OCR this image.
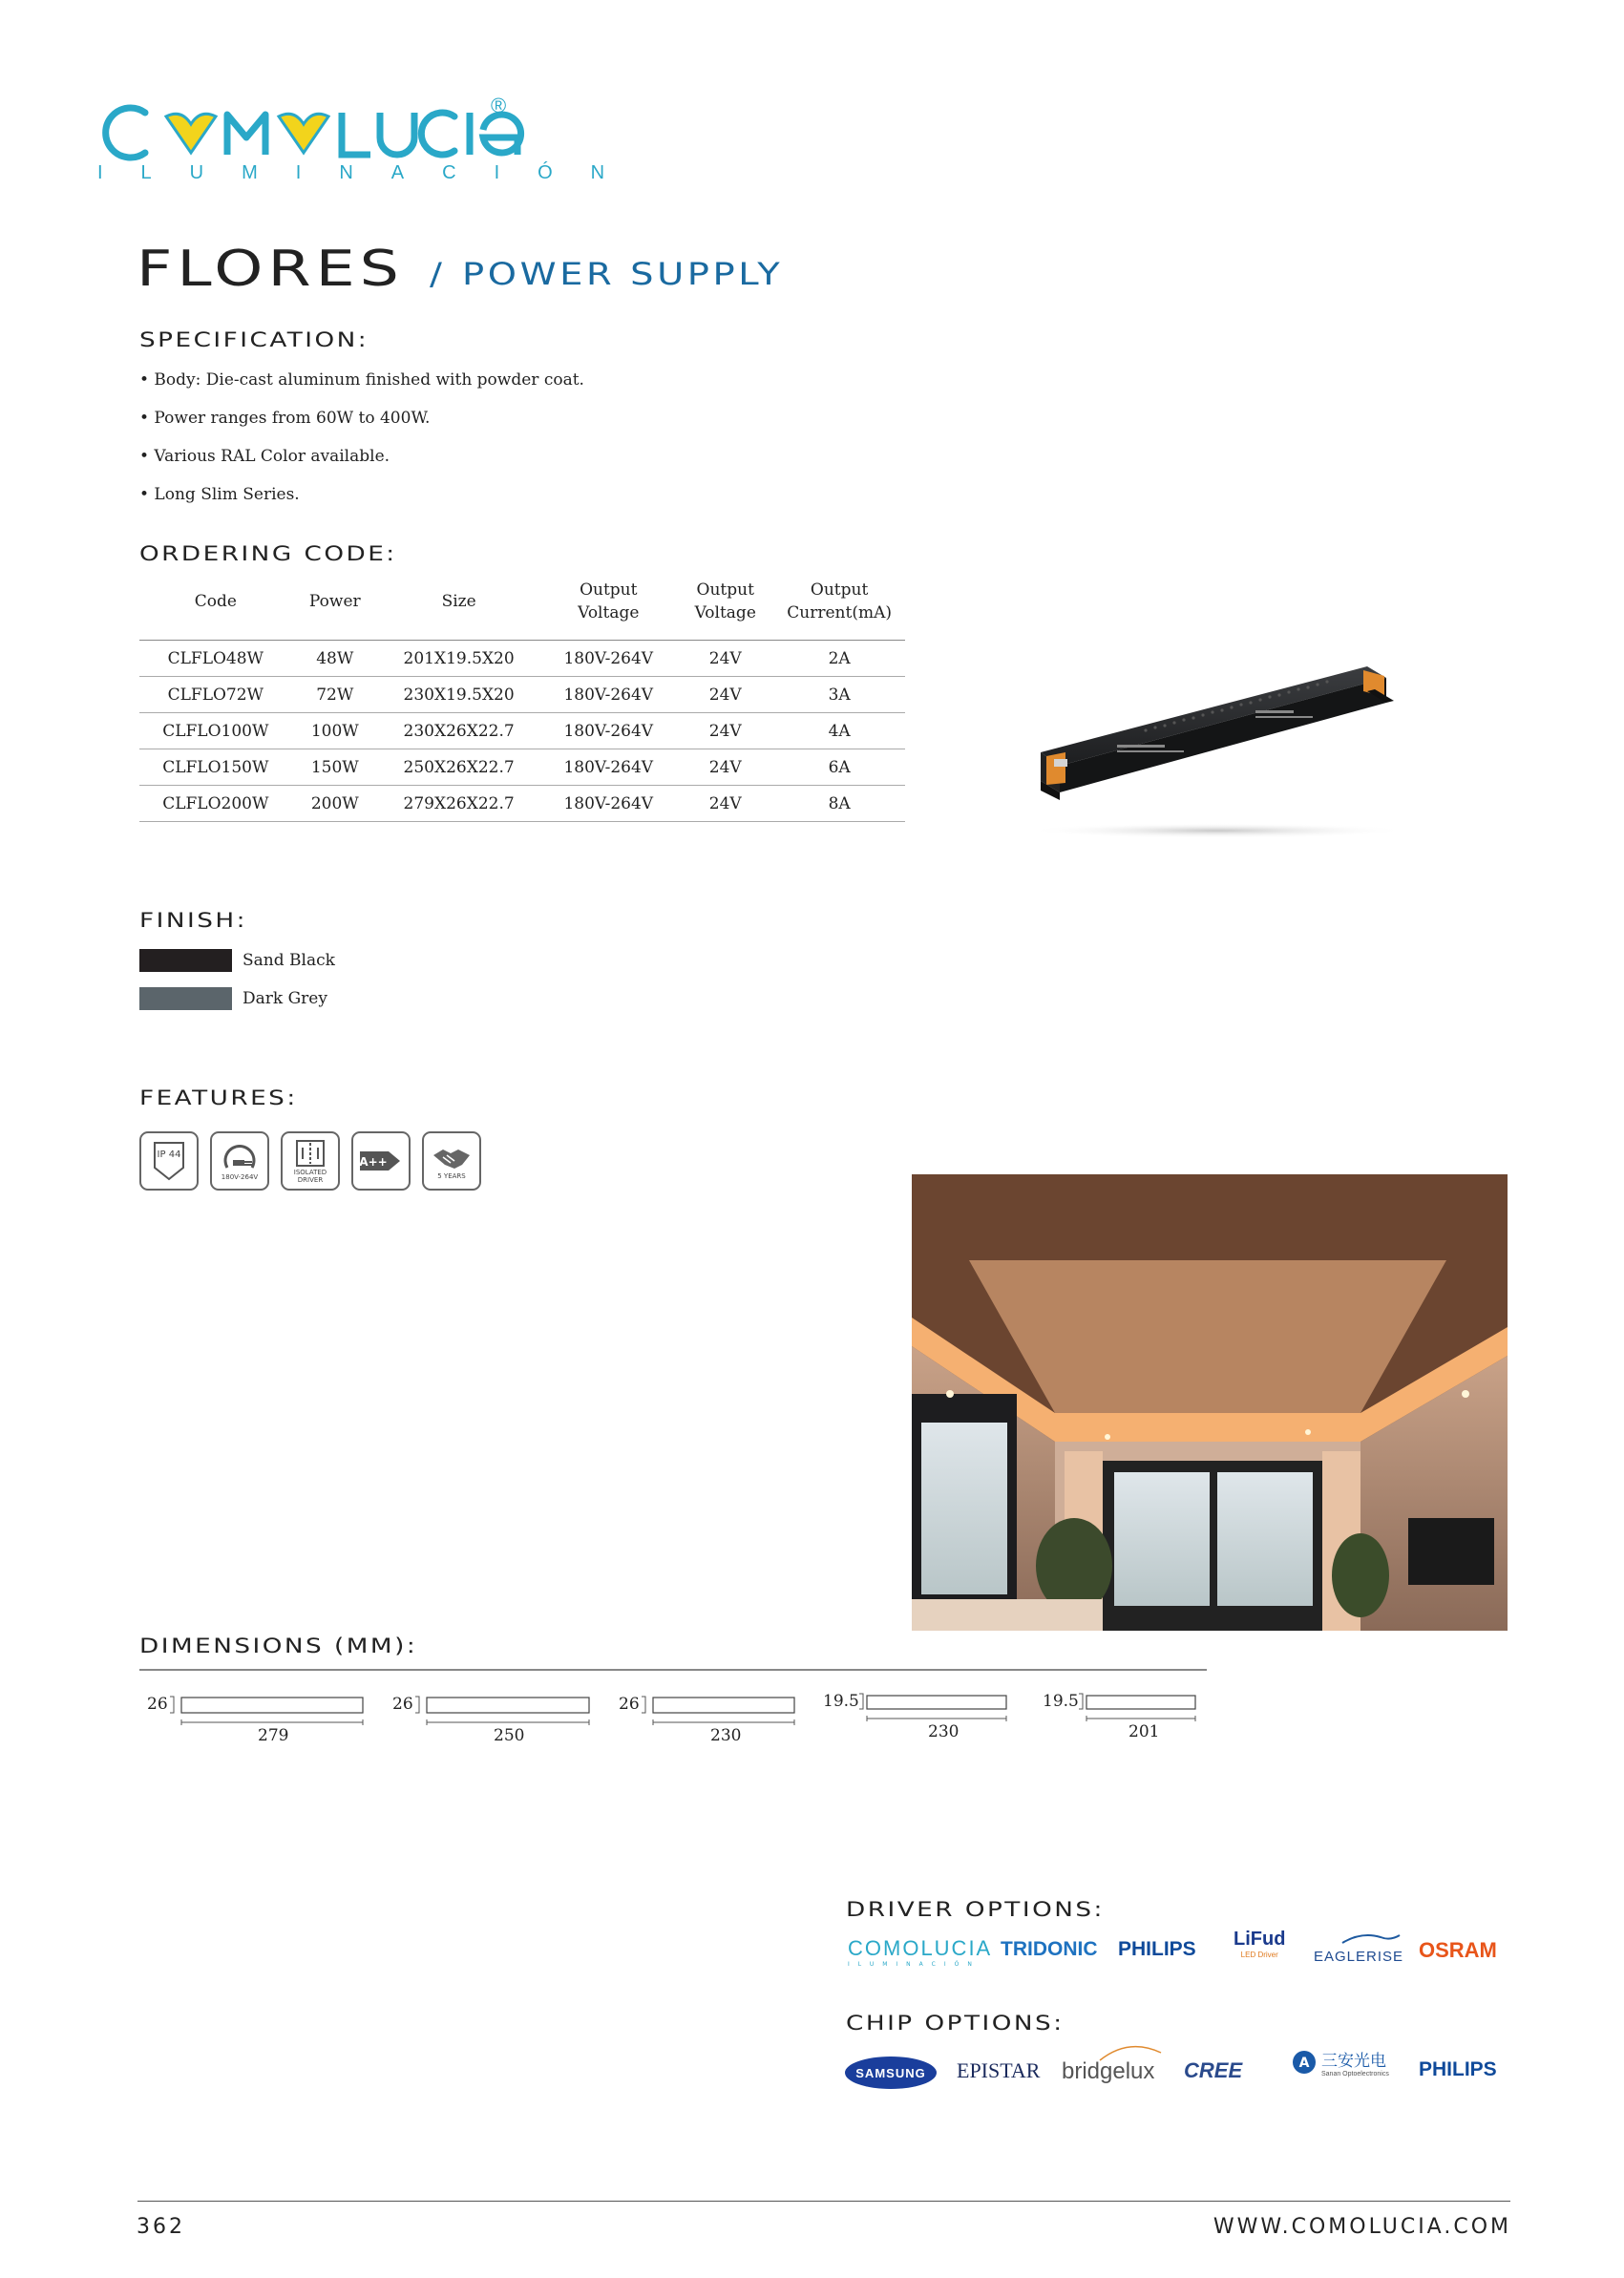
®
ILUMINACIÓN
FLORES / POWER SUPPLY
SPECIFICATION:
• Body: Die-cast aluminum finished with powder coat.
• Power ranges from 60W to 400W.
• Various RAL Color available.
• Long Slim Series.
ORDERING CODE:
Code	Power	Size	Output Voltage	Output Voltage	Output Current(mA)
CLFLO48W	48W	201X19.5X20	180V-264V	24V	2A
CLFLO72W	72W	230X19.5X20	180V-264V	24V	3A
CLFLO100W	100W	230X26X22.7	180V-264V	24V	4A
CLFLO150W	150W	250X26X22.7	180V-264V	24V	6A
CLFLO200W	200W	279X26X22.7	180V-264V	24V	8A
FINISH:
Sand Black
Dark Grey
FEATURES:
IP 44
180V-264V
ISOLATED DRIVER
A++
5 YEARS
DIMENSIONS (MM):
26
279
26
250
26
230
19.5
230
19.5
201
DRIVER OPTIONS:
COMOLUCIA
ILUMINACIÓN
TRIDONIC PHILIPS LiFud
LED Driver	EAGLERISE OSRAM
CHIP OPTIONS:
SAMSUNG EPISTAR bridgelux	CREE	A 三安光电
Sanan Optoelectronics PHILIPS
362	WWW.COMOLUCIA.COM
